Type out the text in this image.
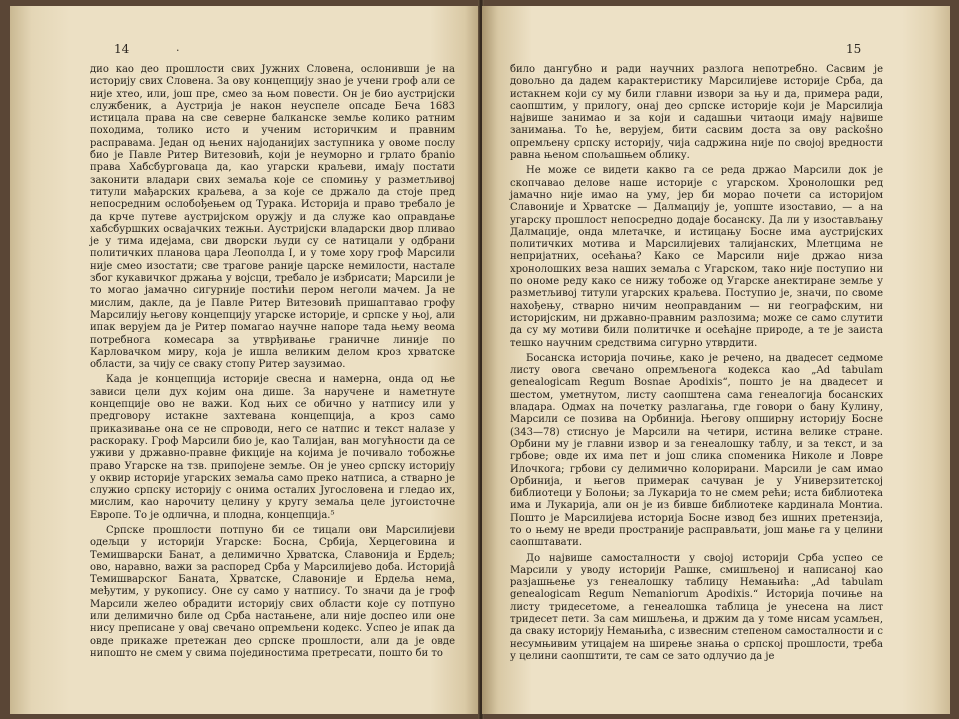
14	·

дио као део прошлости свих Јужних Словена, ослонивши је на историју свих Словена. За ову концепцију знао је учени гроф али се није хтео, или, још пре, смео за њом повести. Он је био аустријски службеник, а Аустрија је након неуспеле опсаде Беча 1683 истицала права на све северне балканске земље колико ратним походима, толико исто и ученим историчким и правним расправама. Један од њених најоданијих заступника у овоме послу био је Павле Ритер Витезовић, који је неуморно и грлато брanio права Хабсбурговаца да, као угарски краљеви, имају постати законити владари свих земаља које се спомињу у разметљивој титули мађарских краљева, а за које се држало да стоје пред непосредним ослобођењем од Турака. Историја и право требало је да крче путеве аустријском оружју и да служе као оправдање хабсбуршких освајачких тежњи. Аустријски владарски двор пливао је у тима идејама, сви дворски људи су се натицали у одбрани политичких планова цара Леополда I, и у томе хору гроф Марсили није смео изостати; све трагове раније царске немилости, настале због кукавичког држања у војсци, требало је избрисати; Марсили је то могао јамачно сигурније постићи пером неголи мачем. Ја не мислим, дакле, да је Павле Ритер Витезовић пришаптавао грофу Марсилију његову концепцију угарске историје, и српске у њој, али ипак верујем да је Ритер помагао научне напоре тада њему веома потребнога комесара за утврђивање граничне линије по Карловачком миру, која је ишла великим делом кроз хрватске области, за чију се сваку стопу Ритер заузимао.

Када је концепција историје свесна и намерна, онда од ње зависи цели дух којим она дише. За наручене и наметнуте концепције ово не важи. Код њих се обично у натпису или у предговору истакне захтевана концепција, а кроз само приказивање она се не спроводи, него се натпис и текст налазе у раскораку. Гроф Марсили био је, као Талијан, ван могућности да се уживи у државно-правне фикције на којима је почивало тобожње право Угарске на тзв. припојене земље. Он је унео српску историју у оквир историје угарских земаља само преко натписа, а стварно је служио српску историју с онима осталих Југословена и гледао их, мислим, као нарочиту целину у кругу земаља целе југоисточне Европе. То је одлична, и плодна, концепција.⁵

Српске прошлости потпуно би се тицали ови Марсилијеви одељци у историји Угарске: Босна, Србија, Херцеговина и Темишварски Банат, а делимично Хрватска, Славонија и Ердељ; ово, наравно, важи за распоред Срба у Марсилијево доба. Историјâ Темишварског Баната, Хрватске, Славоније и Ердеља нема, међутим, у рукопису. Оне су само у натпису. То значи да је гроф Марсили желео обрадити историју свих области које су потпуно или делимично биле од Срба настањене, али није доспео или оне нису преписане у овај свечано опремљени кодекс. Успео је ипак да овде прикаже претежан део српске прошлости, али да је овде нипошто не смем у свима појединостима претресати, пошто би то

15

било дангубно и ради научних разлога непотребно. Сасвим је довољно да дадем карактеристику Марсилијеве историје Срба, да истакнем који су му били главни извори за њу и да, примера ради, саопштим, у прилогу, онај део српске историје који је Марсилија највише занимао и за који и садашњи читаоци имају највише занимања. То ће, верујем, бити сасвим доста за ову расkošно опремљену српску историју, чија садржина није по својој вредности равна њеном спољашњем облику.

Не може се видети какво га се реда држао Марсили док је скопчавао делове наше историје с угарском. Хронолошки ред јамачно није имао на уму, јер би морао почети са историјом Славоније и Хрватске — Далмацију је, уопште изоставио, — а на угарску прошлост непосредно додаје босанску. Да ли у изостављању Далмације, онда млетачке, и истицању Босне има аустријских политичких мотива и Марсилијевих талијанских, Млетцима не непријатних, осећања? Како се Марсили није држао низа хронолошких веза наших земаља с Угарском, тако није поступио ни по ономе реду како се нижу тобоже од Угарске анектиране земље у разметљивој титули угарских краљева. Поступио је, значи, по своме нахођењу, стварно ничим неоправданим — ни географским, ни историјским, ни државно-правним разлозима; може се само слутити да су му мотиви били политичке и осећајне природе, а те је заиста тешко научним средствима сигурно утврдити.

Босанска историја почиње, како је речено, на двадесет седмоме листу овога свечано опремљенога кодекса као „Ad tabulam genealogicam Regum Bosnae Apodixis“, пошто је на двадесет и шестом, уметнутом, листу саопштена сама генеалогија босанских владара. Одмах на почетку разлагања, где говори о бану Кулину, Марсили се позива на Орбинија. Његову опширну историју Босне (343—78) стиснуо је Марсили на четири, истина велике стране. Орбини му је главни извор и за генеалошку таблу, и за текст, и за грбове; овде их има пет и још слика споменика Николе и Ловре Илочкога; грбови су делимично колорирани. Марсили је сам имао Орбинија, и његов примерак сачуван је у Универзитетској библиотеци у Болоњи; за Лукарија то не смем рећи; иста библиотека има и Лукарија, али он је из бивше библиотеке кардинала Монтиа. Пошто је Марсилијева историја Босне извод без ишних претензија, то о њему не вреди пространије расправљати, још мање га у целини саопштавати.

До највише самосталности у својој историји Срба успео се Марсили у уводу историји Рашке, смишљеној и написаној као разјашњење уз генеалошку таблицу Немањића: „Ad tabulam genealogicam Regum Nemaniorum Apodixis.“ Историја почиње на листу тридесетоме, а генеалошка таблица је унесена на лист тридесет пети. За сам мишљења, и држим да у томе нисам усамљен, да сваку историју Немањића, с извесним степеном самосталности и с несумњивим утицајем на ширење знања о српској прошлости, треба у целини саопштити, те сам се зато одлучио да је
